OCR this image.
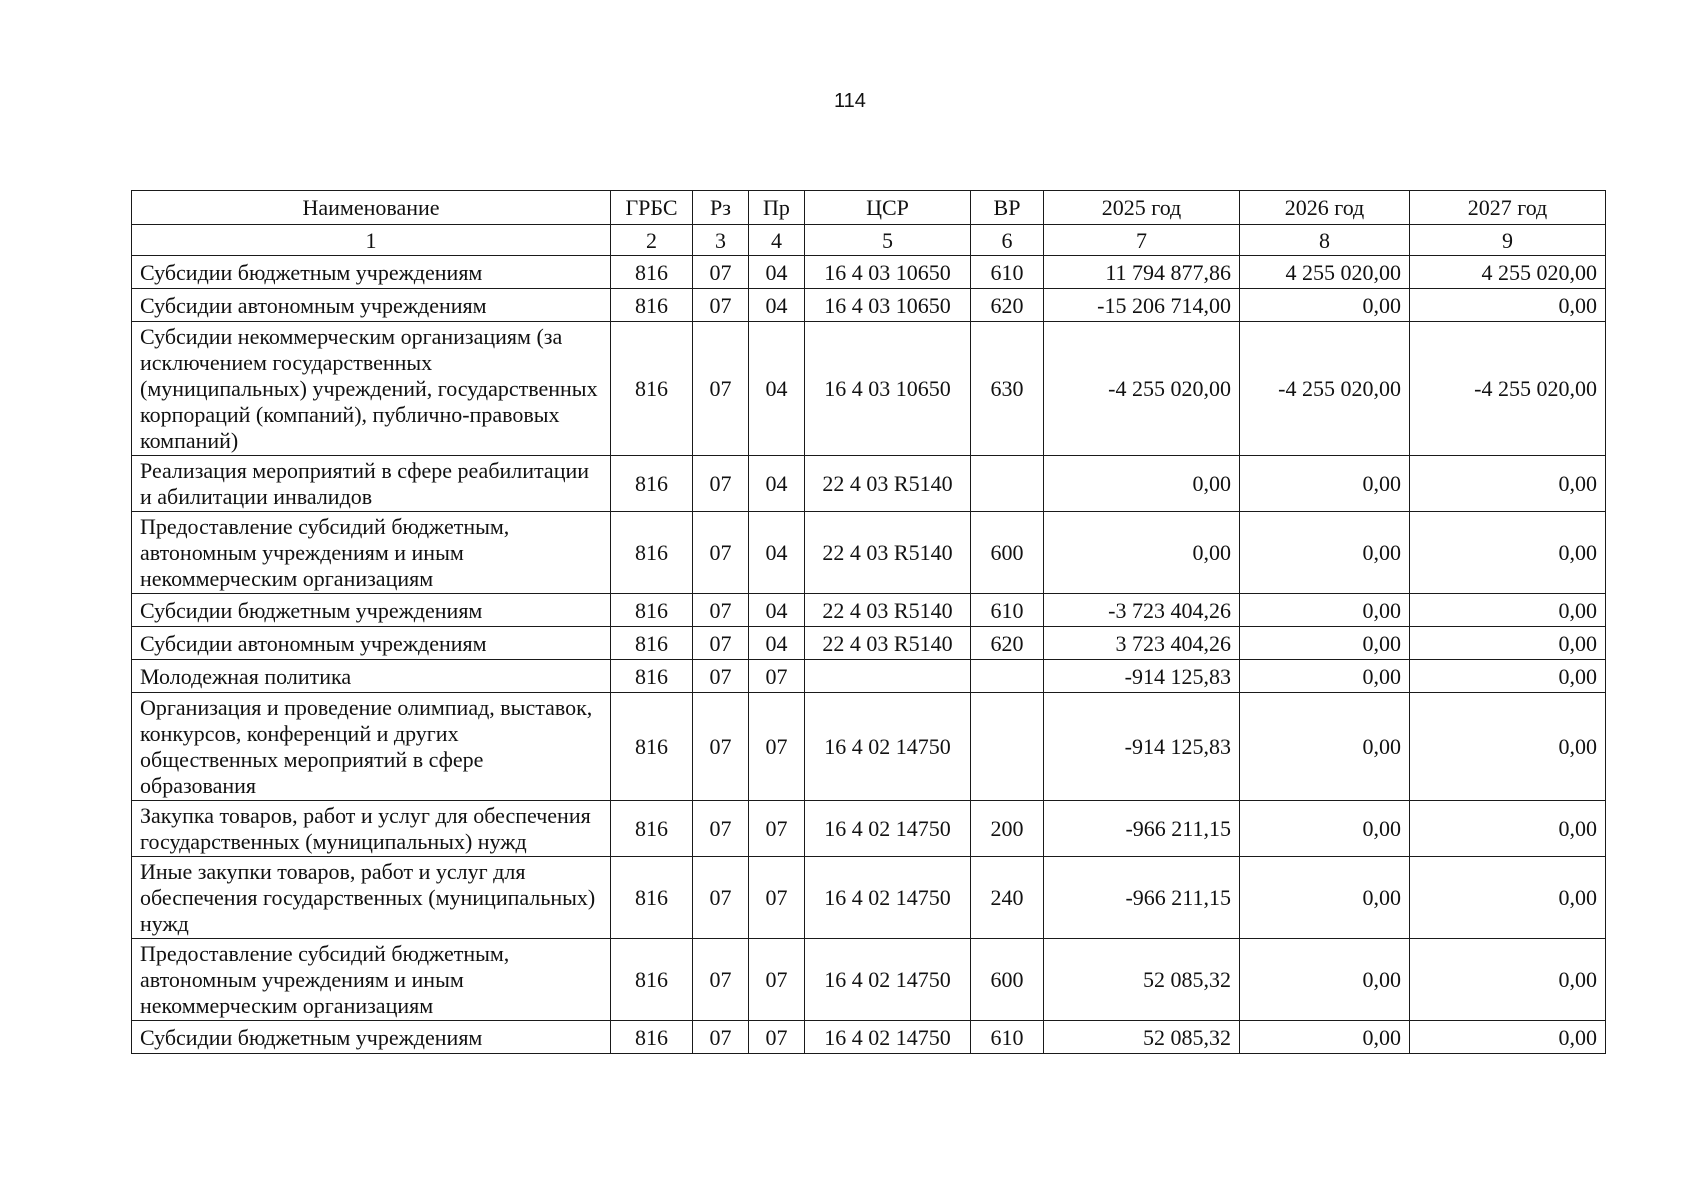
114
Наименование	ГРБС	Рз	Пр	ЦСР	ВР	2025 год	2026 год	2027 год
1	2	3	4	5	6	7	8	9
Субсидии бюджетным учреждениям	816	07	04	16 4 03 10650	610	11 794 877,86	4 255 020,00	4 255 020,00
Субсидии автономным учреждениям	816	07	04	16 4 03 10650	620	-15 206 714,00	0,00	0,00
Субсидии некоммерческим организациям (за исключением государственных (муниципальных) учреждений, государственных корпораций (компаний), публично-правовых компаний)	816	07	04	16 4 03 10650	630	-4 255 020,00	-4 255 020,00	-4 255 020,00
Реализация мероприятий в сфере реабилитации и абилитации инвалидов	816	07	04	22 4 03 R5140		0,00	0,00	0,00
Предоставление субсидий бюджетным, автономным учреждениям и иным некоммерческим организациям	816	07	04	22 4 03 R5140	600	0,00	0,00	0,00
Субсидии бюджетным учреждениям	816	07	04	22 4 03 R5140	610	-3 723 404,26	0,00	0,00
Субсидии автономным учреждениям	816	07	04	22 4 03 R5140	620	3 723 404,26	0,00	0,00
Молодежная политика	816	07	07			-914 125,83	0,00	0,00
Организация и проведение олимпиад, выставок, конкурсов, конференций и других общественных мероприятий в сфере образования	816	07	07	16 4 02 14750		-914 125,83	0,00	0,00
Закупка товаров, работ и услуг для обеспечения государственных (муниципальных) нужд	816	07	07	16 4 02 14750	200	-966 211,15	0,00	0,00
Иные закупки товаров, работ и услуг для обеспечения государственных (муниципальных) нужд	816	07	07	16 4 02 14750	240	-966 211,15	0,00	0,00
Предоставление субсидий бюджетным, автономным учреждениям и иным некоммерческим организациям	816	07	07	16 4 02 14750	600	52 085,32	0,00	0,00
Субсидии бюджетным учреждениям	816	07	07	16 4 02 14750	610	52 085,32	0,00	0,00
